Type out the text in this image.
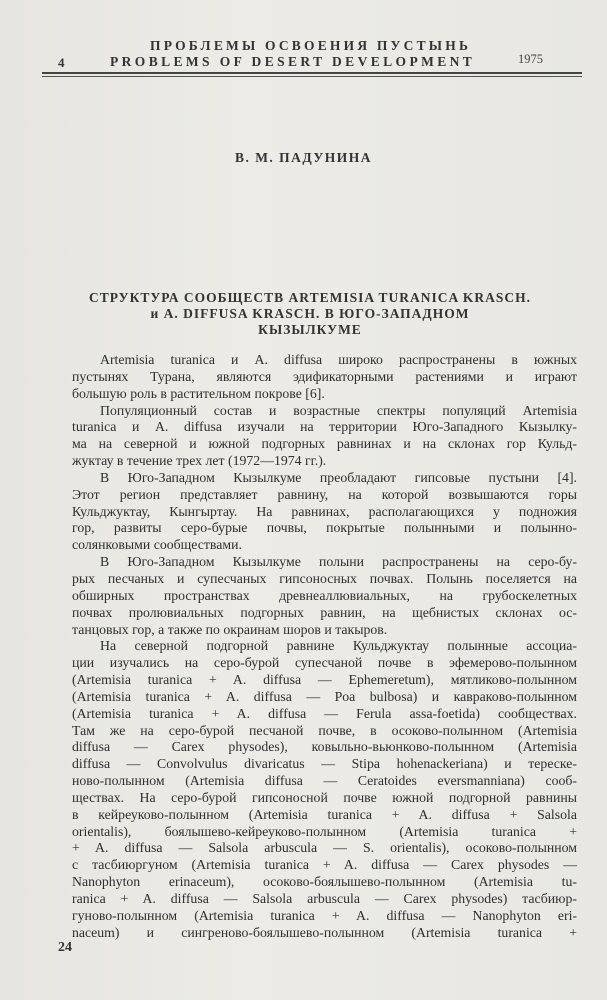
ПРОБЛЕМЫ ОСВОЕНИЯ ПУСТЫНЬ
4	PROBLEMS OF DESERT DEVELOPMENT	1975
В. М. ПАДУНИНА
СТРУКТУРА СООБЩЕСТВ ARTEMISIA TURANICA KRASCH.
и A. DIFFUSA KRASCH. В ЮГО-ЗАПАДНОМ
КЫЗЫЛКУМЕ
Artemisia turanica и A. diffusa широко распространены в южных
пустынях Турана, являются эдификаторными растениями и играют
большую роль в растительном покрове [6].
Популяционный состав и возрастные спектры популяций Artemisia
turanica и A. diffusa изучали на территории Юго-Западного Кызылку-
ма на северной и южной подгорных равнинах и на склонах гор Кульд-
жуктау в течение трех лет (1972—1974 гг.).
В Юго-Западном Кызылкуме преобладают гипсовые пустыни [4].
Этот регион представляет равнину, на которой возвышаются горы
Кульджуктау, Кынгыртау. На равнинах, располагающихся у подножия
гор, развиты серо-бурые почвы, покрытые полынными и полынно-
солянковыми сообществами.
В Юго-Западном Кызылкуме полыни распространены на серо-бу-
рых песчаных и супесчаных гипсоносных почвах. Полынь поселяется на
обширных пространствах древнеаллювиальных, на грубоскелетных
почвах пролювиальных подгорных равнин, на щебнистых склонах ос-
танцовых гор, а также по окраинам шоров и такыров.
На северной подгорной равнине Кульджуктау полынные ассоциа-
ции изучались на серо-бурой супесчаной почве в эфемерово-полынном
(Artemisia turanica + A. diffusa — Ephemeretum), мятликово-полынном
(Artemisia turanica + A. diffusa — Poa bulbosa) и кавраково-полынном
(Artemisia turanica + A. diffusa — Ferula assa-foetida) сообществах.
Там же на серо-бурой песчаной почве, в осоково-полынном (Artemisia
diffusa — Carex physodes), ковыльно-вьюнково-полынном (Artemisia
diffusa — Convolvulus divaricatus — Stipa hohenackeriana) и тереске-
ново-полынном (Artemisia diffusa — Ceratoides eversmanniana) сооб-
ществах. На серо-бурой гипсоносной почве южной подгорной равнины
в кейреуково-полынном (Artemisia turanica + A. diffusa + Salsola
orientalis), боялышево-кейреуково-полынном (Artemisia turanica +
+ A. diffusa — Salsola arbuscula — S. orientalis), осоково-полынном
с тасбиюргуном (Artemisia turanica + A. diffusa — Carex physodes —
Nanophyton erinaceum), осоково-боялышево-полынном (Artemisia tu-
ranica + A. diffusa — Salsola arbuscula — Carex physodes) тасбиюр-
гуново-полынном (Artemisia turanica + A. diffusa — Nanophyton eri-
naceum) и сингреново-боялышево-полынном (Artemisia turanica +
24
